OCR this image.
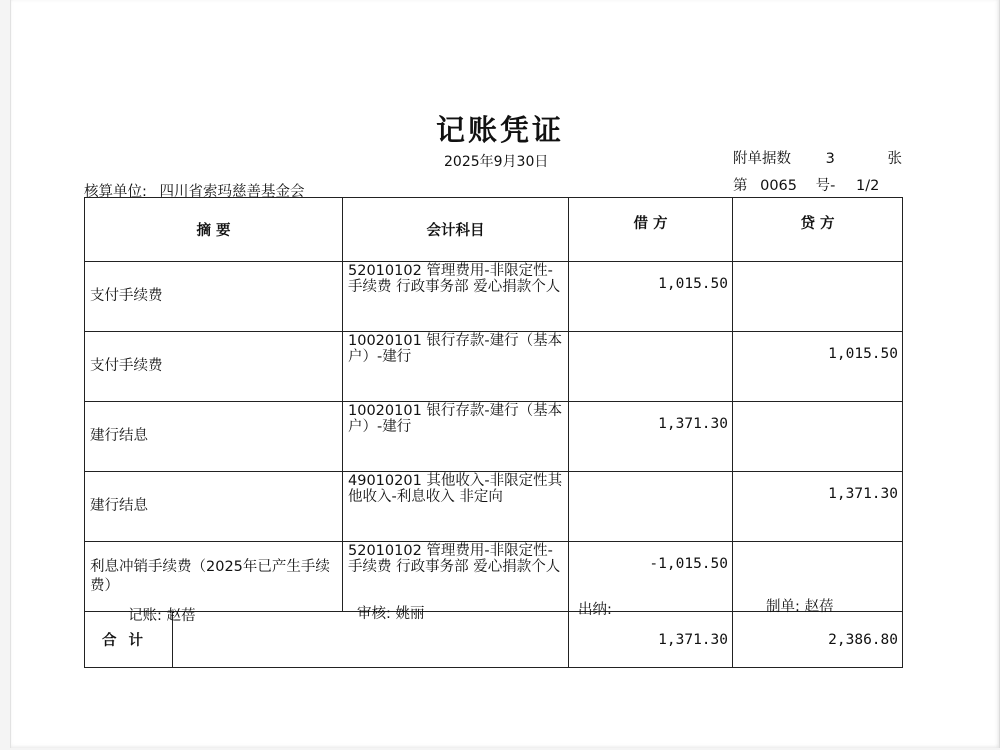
记账凭证
2025年9月30日
核算单位: 四川省索玛慈善基金会
附单据数 3	张
第 0065 号- 1/2
摘 要		会计科目	借 方	贷 方
支付手续费		52010102 管理费用-非限定性-手续费 行政事务部 爱心捐款个人	1,015.50	
支付手续费		10020101 银行存款-建行（基本户）-建行		1,015.50
建行结息		10020101 银行存款-建行（基本户）-建行	1,371.30	
建行结息		49010201 其他收入-非限定性其他收入-利息收入 非定向		1,371.30
利息冲销手续费（2025年已产生手续费）		52010102 管理费用-非限定性-手续费 行政事务部 爱心捐款个人	-1,015.50	
合计			1,371.30	2,386.80
记账: 赵蓓	审核: 姚丽	出纳:	制单: 赵蓓
